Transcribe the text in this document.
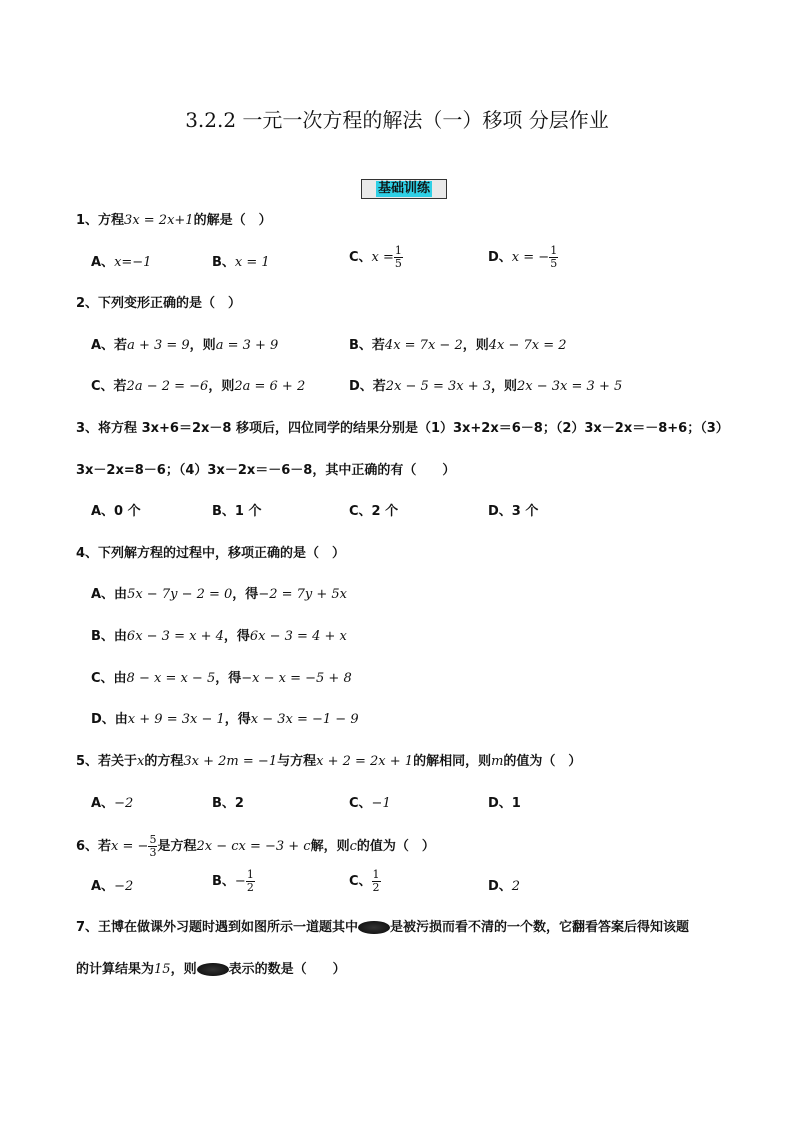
3.2.2 一元一次方程的解法（一）移项 分层作业
基础训练
1、方程3x = 2x+1的解是（　）
A、x=−1	B、x = 1	C、$x = \frac{1}{5}$	D、x = − $\frac{1}{5}$
2、下列变形正确的是（　）
A、若a + 3 = 9，则a = 3 + 9	B、若4x = 7x − 2，则4x − 7x = 2
C、若2a − 2 = −6，则2a = 6 + 2	D、若2x − 5 = 3x + 3，则2x − 3x = 3 + 5
3、将方程 3x+6＝2x－8 移项后，四位同学的结果分别是（1）3x+2x＝6－8；（2）3x－2x＝－8+6；（3）
3x－2x=8－6；（4）3x－2x＝－6－8，其中正确的有（　　）
A、0 个	B、1 个	C、2 个	D、3 个
4、下列解方程的过程中，移项正确的是（　）
A、由5x − 7y − 2 = 0，得−2 = 7y + 5x
B、由6x − 3 = x + 4，得6x − 3 = 4 + x
C、由8 − x = x − 5，得−x − x = −5 + 8
D、由x + 9 = 3x − 1，得x − 3x = −1 − 9
5、若关于x的方程3x + 2m = −1与方程x + 2 = 2x + 1的解相同，则m的值为（　）
A、−2	B、2	C、−1	D、1
6、若x = − $\frac{5}{3}$ 是方程2x − cx = −3 + c解，则c的值为（　）
A、−2	B、− $\frac{1}{2}$	C、 $\frac{1}{2}$	D、2
7、王博在做课外习题时遇到如图所示一道题其中 是被污损而看不清的一个数，它翻看答案后得知该题
的计算结果为15，则 表示的数是（　　）
